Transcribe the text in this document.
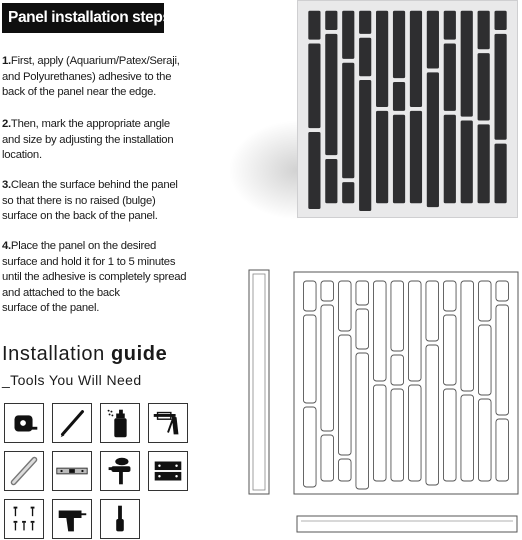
Panel installation steps
1.First, apply (Aquarium/Patex/Seraji,
and Polyurethanes) adhesive to the
back of the panel near the edge.
2.Then, mark the appropriate angle
and size by adjusting the installation
location.
3.Clean the surface behind the panel
so that there is no raised (bulge)
surface on the back of the panel.
4.Place the panel on the desired
surface and hold it for 1 to 5 minutes
until the adhesive is completely spread
and attached to the back
surface of the panel.
Installation guide
_Tools You Will Need
